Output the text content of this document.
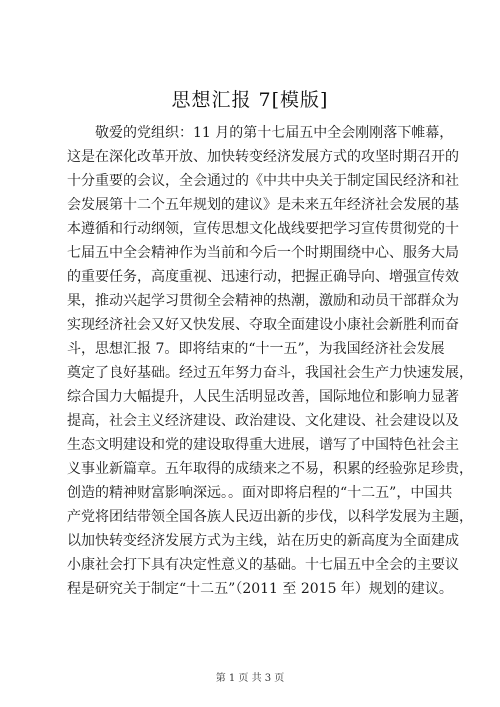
思想汇报 7[模版]
　　敬爱的党组织：11 月的第十七届五中全会刚刚落下帷幕，
这是在深化改革开放、加快转变经济发展方式的攻坚时期召开的
十分重要的会议，全会通过的《中共中央关于制定国民经济和社
会发展第十二个五年规划的建议》是未来五年经济社会发展的基
本遵循和行动纲领，宣传思想文化战线要把学习宣传贯彻党的十
七届五中全会精神作为当前和今后一个时期围绕中心、服务大局
的重要任务，高度重视、迅速行动，把握正确导向、增强宣传效
果，推动兴起学习贯彻全会精神的热潮，激励和动员干部群众为
实现经济社会又好又快发展、夺取全面建设小康社会新胜利而奋
斗，思想汇报 7。即将结束的“十一五”，为我国经济社会发展
奠定了良好基础。经过五年努力奋斗，我国社会生产力快速发展，
综合国力大幅提升，人民生活明显改善，国际地位和影响力显著
提高，社会主义经济建设、政治建设、文化建设、社会建设以及
生态文明建设和党的建设取得重大进展，谱写了中国特色社会主
义事业新篇章。五年取得的成绩来之不易，积累的经验弥足珍贵，
创造的精神财富影响深远。。面对即将启程的“十二五”，中国共
产党将团结带领全国各族人民迈出新的步伐，以科学发展为主题，
以加快转变经济发展方式为主线，站在历史的新高度为全面建成
小康社会打下具有决定性意义的基础。十七届五中全会的主要议
程是研究关于制定“十二五”（2011 至 2015 年）规划的建议。
第 1 页 共 3 页
